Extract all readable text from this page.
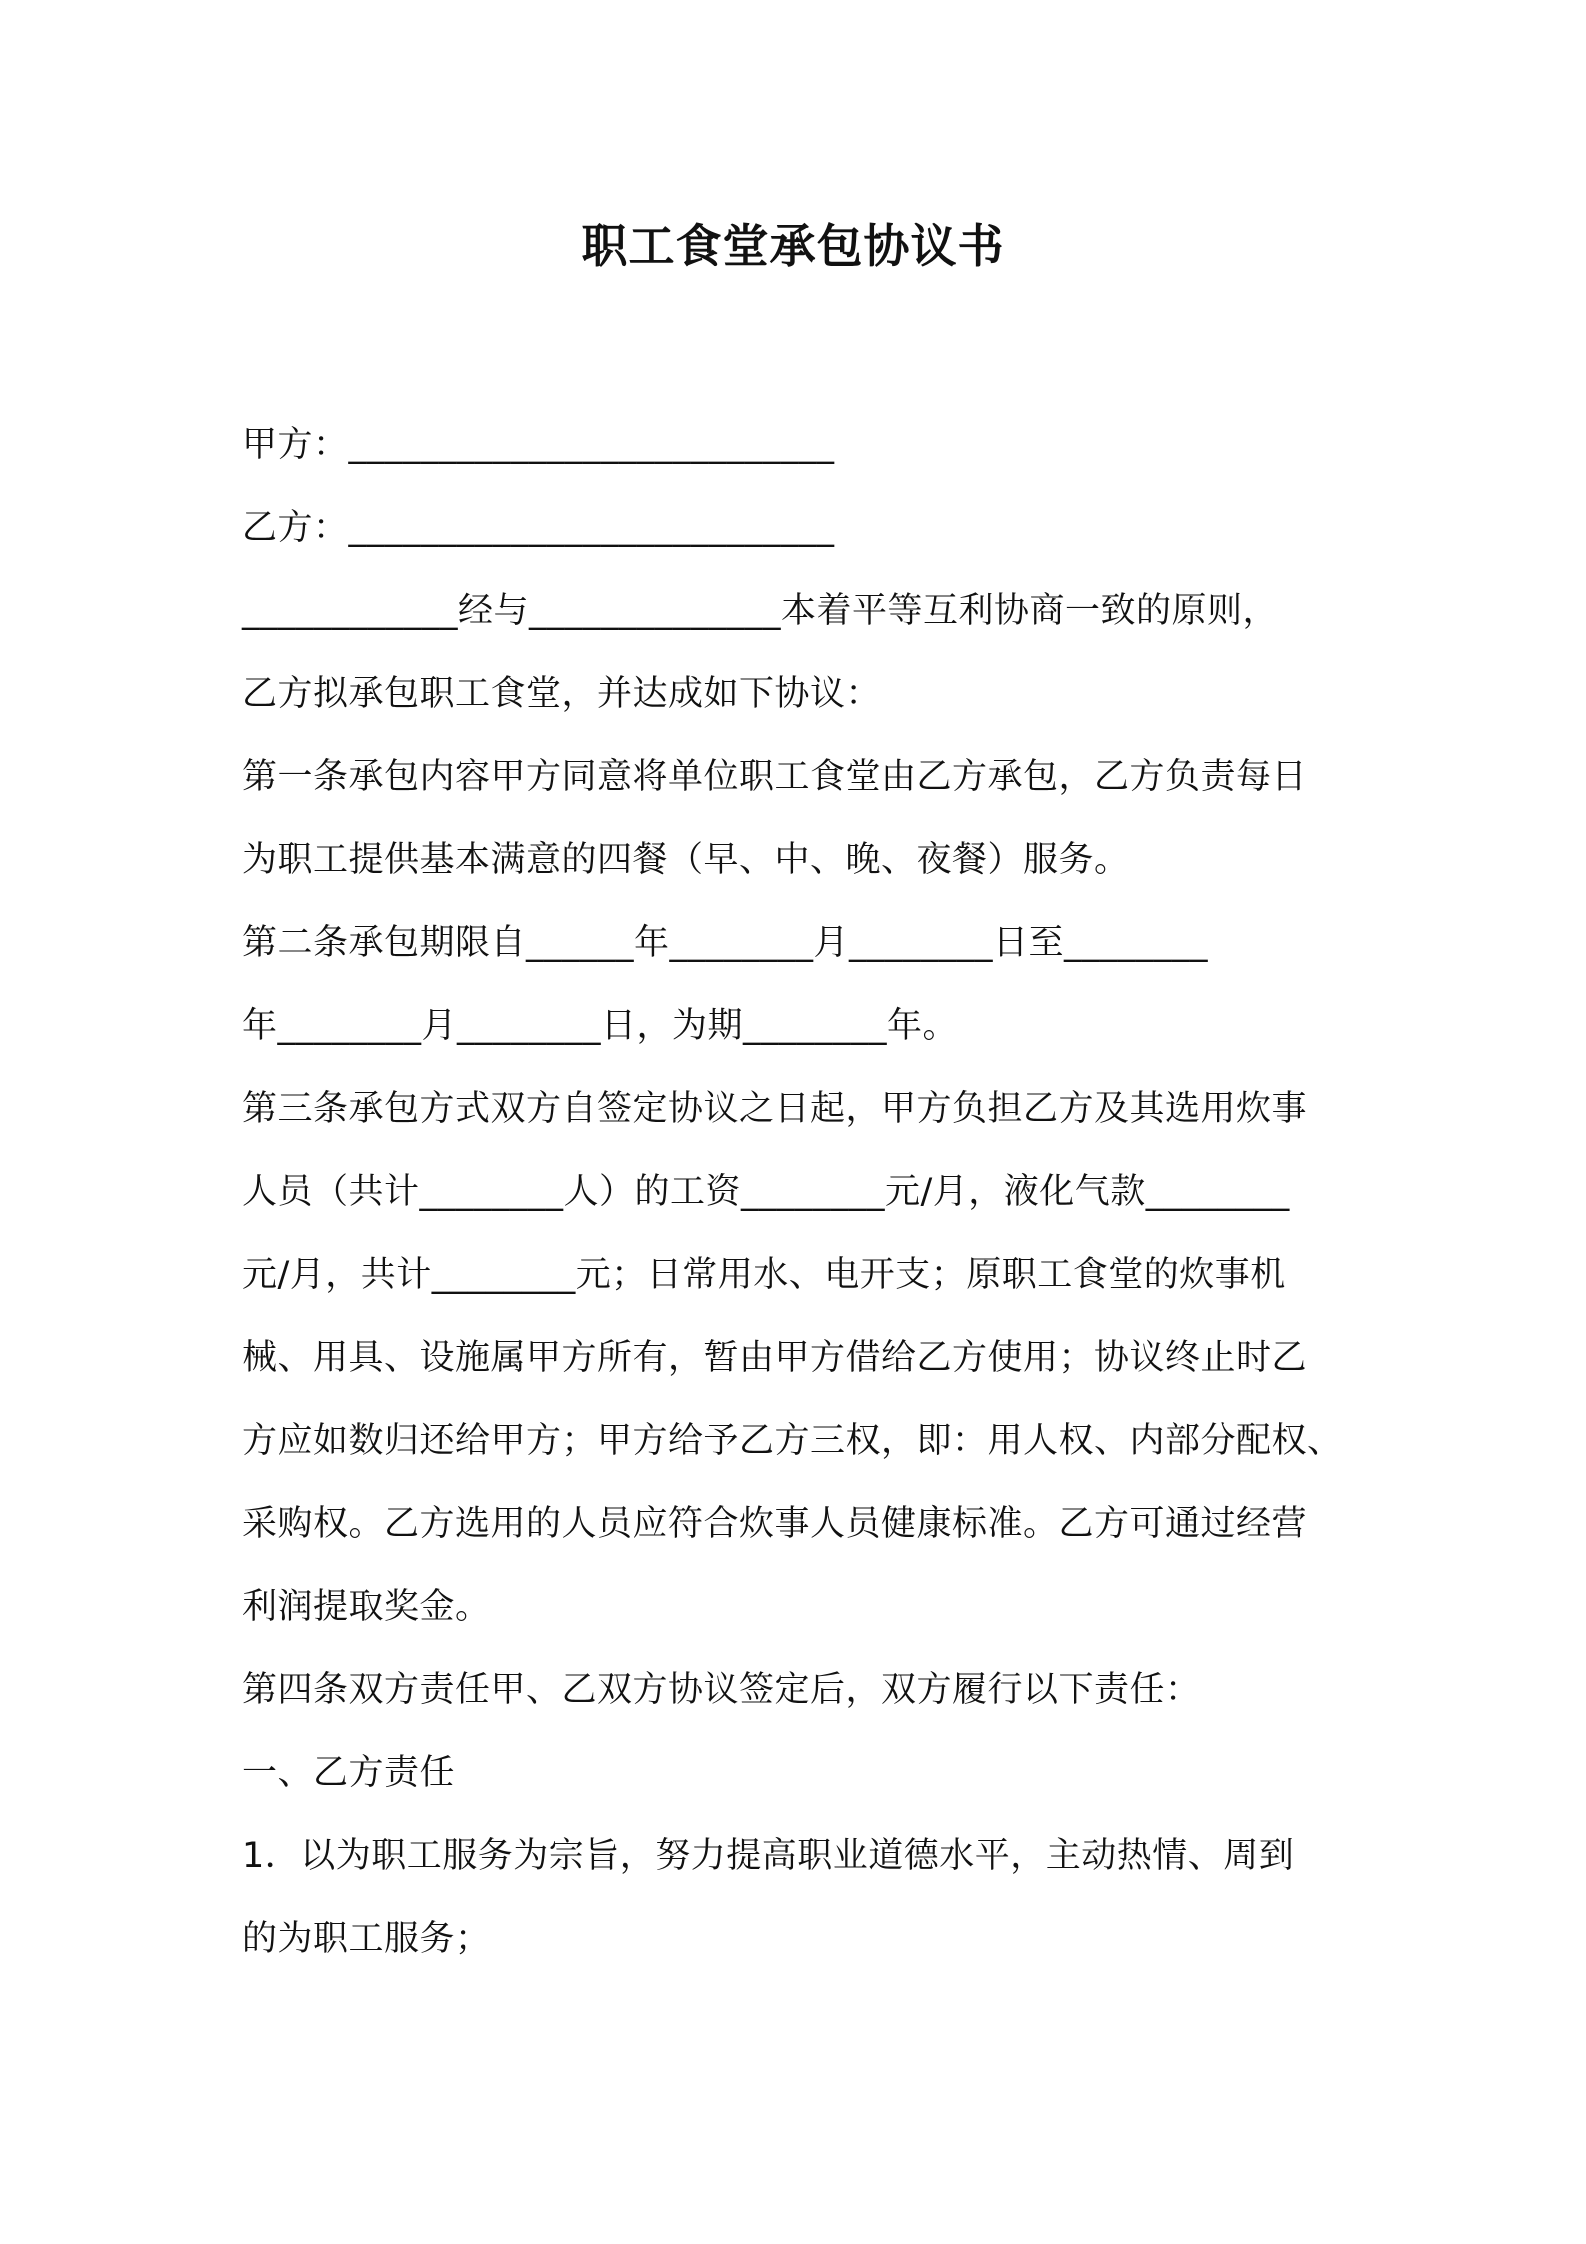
职工食堂承包协议书
甲方：___________________________
乙方：___________________________
____________经与______________本着平等互利协商一致的原则，
乙方拟承包职工食堂，并达成如下协议：
第一条承包内容甲方同意将单位职工食堂由乙方承包，乙方负责每日
为职工提供基本满意的四餐（早、中、晚、夜餐）服务。
第二条承包期限自______年________月________日至________
年________月________日，为期________年。
第三条承包方式双方自签定协议之日起，甲方负担乙方及其选用炊事
人员（共计________人）的工资________元/月，液化气款________
元/月，共计________元；日常用水、电开支；原职工食堂的炊事机
械、用具、设施属甲方所有，暂由甲方借给乙方使用；协议终止时乙
方应如数归还给甲方；甲方给予乙方三权，即：用人权、内部分配权、
采购权。乙方选用的人员应符合炊事人员健康标准。乙方可通过经营
利润提取奖金。
第四条双方责任甲、乙双方协议签定后，双方履行以下责任：
一、乙方责任
1．以为职工服务为宗旨，努力提高职业道德水平，主动热情、周到
的为职工服务；
